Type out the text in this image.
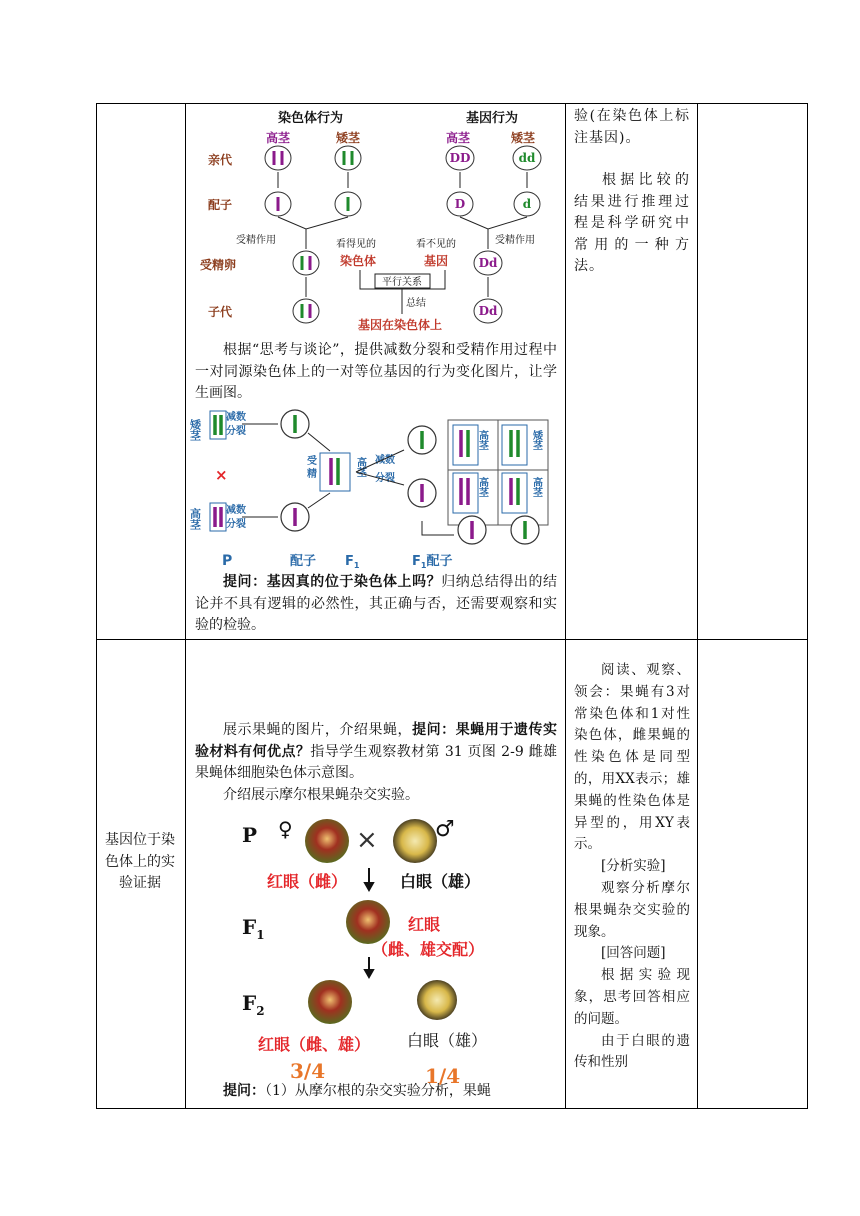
染色体行为	基因行为
高茎	矮茎	高茎	矮茎
亲代
配子
受精卵
子代
DD	dd
D	d
Dd
Dd
受精作用	受精作用
看得见的	看不见的
总结
平行关系
染色体	基因
基因在染色体上

根据“思考与谈论”，提供减数分裂和受精作用过程中一对同源染色体上的一对等位基因的行为变化图片，让学生画图。

矮茎
高茎
减数
分裂
减数
分裂
受
精	高茎 减数
分裂
高茎	矮茎
高茎	高茎
P	配子 $F_1$	$F_1$配子
×

提问：基因真的位于染色体上吗？归纳总结得出的结论并不具有逻辑的必然性，其正确与否，还需要观察和实验的检验。

验(在染色体上标注基因)。

根据比较的结果进行推理过程是科学研究中常用的一种方法。

基因位于染色体上的实验证据

展示果蝇的图片，介绍果蝇，提问：果蝇用于遗传实验材料有何优点？指导学生观察教材第 31 页图 2-9 雌雄果蝇体细胞染色体示意图。

介绍展示摩尔根果蝇杂交实验。

P
$F_1$
$F_2$
♀ ×	♂
红眼（雌）	白眼（雄）
红眼
（雌、雄交配）
红眼（雌、雄） 白眼（雄）
3/4	1/4

提问：（1）从摩尔根的杂交实验分析，果蝇

阅读、观察、领会：果蝇有3对常染色体和1对性染色体，雌果蝇的性染色体是同型的，用XX表示；雄果蝇的性染色体是异型的，用XY表示。

[分析实验]

观察分析摩尔根果蝇杂交实验的现象。

[回答问题]

根据实验现象，思考回答相应的问题。

由于白眼的遗传和性别
